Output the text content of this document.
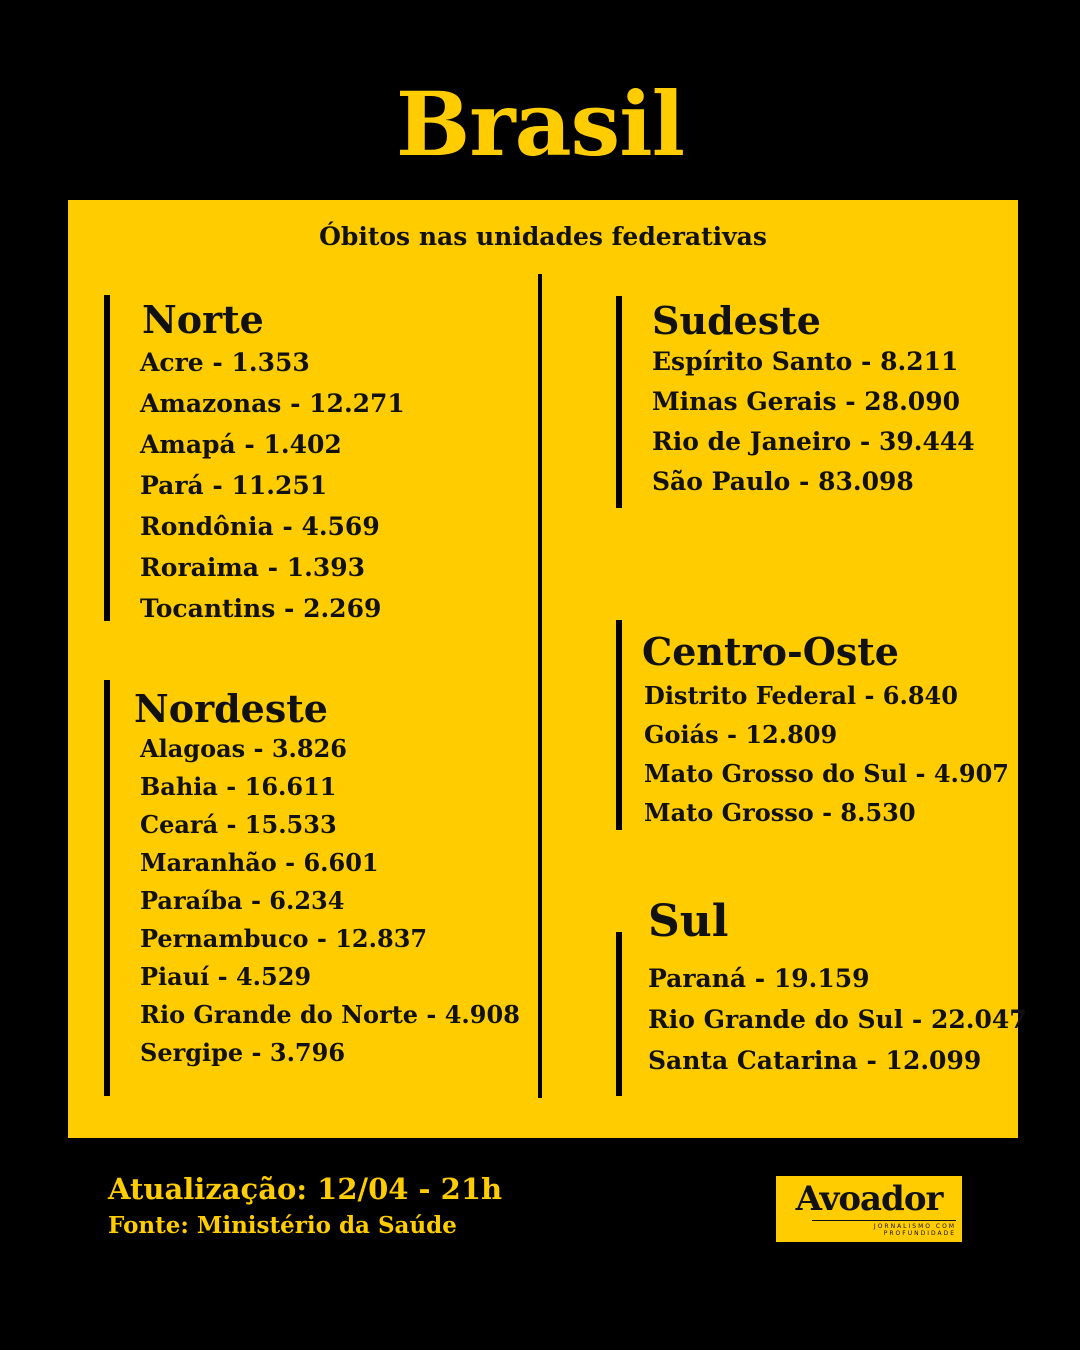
Brasil
Óbitos nas unidades federativas
Norte
Acre - 1.353
Amazonas - 12.271
Amapá - 1.402
Pará - 11.251
Rondônia - 4.569
Roraima - 1.393
Tocantins - 2.269
Nordeste
Alagoas - 3.826
Bahia - 16.611
Ceará - 15.533
Maranhão - 6.601
Paraíba - 6.234
Pernambuco - 12.837
Piauí - 4.529
Rio Grande do Norte - 4.908
Sergipe - 3.796
Sudeste
Espírito Santo - 8.211
Minas Gerais - 28.090
Rio de Janeiro - 39.444
São Paulo - 83.098
Centro-Oste
Distrito Federal - 6.840
Goiás - 12.809
Mato Grosso do Sul - 4.907
Mato Grosso - 8.530
Sul
Paraná - 19.159
Rio Grande do Sul - 22.047
Santa Catarina - 12.099
Atualização: 12/04 - 21h
Fonte: Ministério da Saúde
Avoador
JORNALISMO COM PROFUNDIDADE
